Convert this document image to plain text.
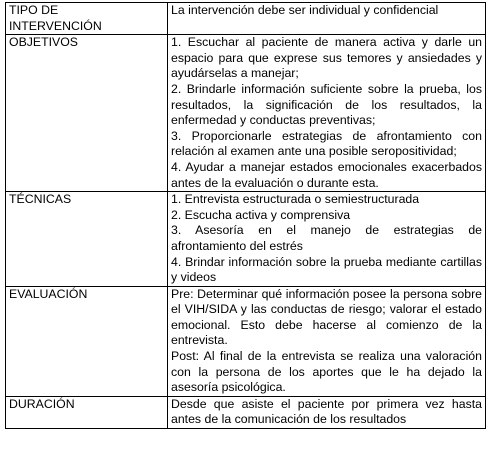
TIPO DE
INTERVENCIÓN	La intervención debe ser individual y confidencial

OBJETIVOS	1. Escuchar al paciente de manera activa y darle un espacio para que exprese sus temores y ansiedades y ayudárselas a manejar;
2. Brindarle información suficiente sobre la prueba, los resultados, la significación de los resultados, la enfermedad y conductas preventivas;
3. Proporcionarle estrategias de afrontamiento con relación al examen ante una posible seropositividad;
4. Ayudar a manejar estados emocionales exacerbados antes de la evaluación o durante esta.

TÉCNICAS	1. Entrevista estructurada o semiestructurada
2. Escucha activa y comprensiva
3. Asesoría en el manejo de estrategias de afrontamiento del estrés
4. Brindar información sobre la prueba mediante cartillas y videos

EVALUACIÓN	Pre: Determinar qué información posee la persona sobre el VIH/SIDA y las conductas de riesgo; valorar el estado emocional. Esto debe hacerse al comienzo de la entrevista.
Post: Al final de la entrevista se realiza una valoración con la persona de los aportes que le ha dejado la asesoría psicológica.

DURACIÓN	Desde que asiste el paciente por primera vez hasta antes de la comunicación de los resultados
